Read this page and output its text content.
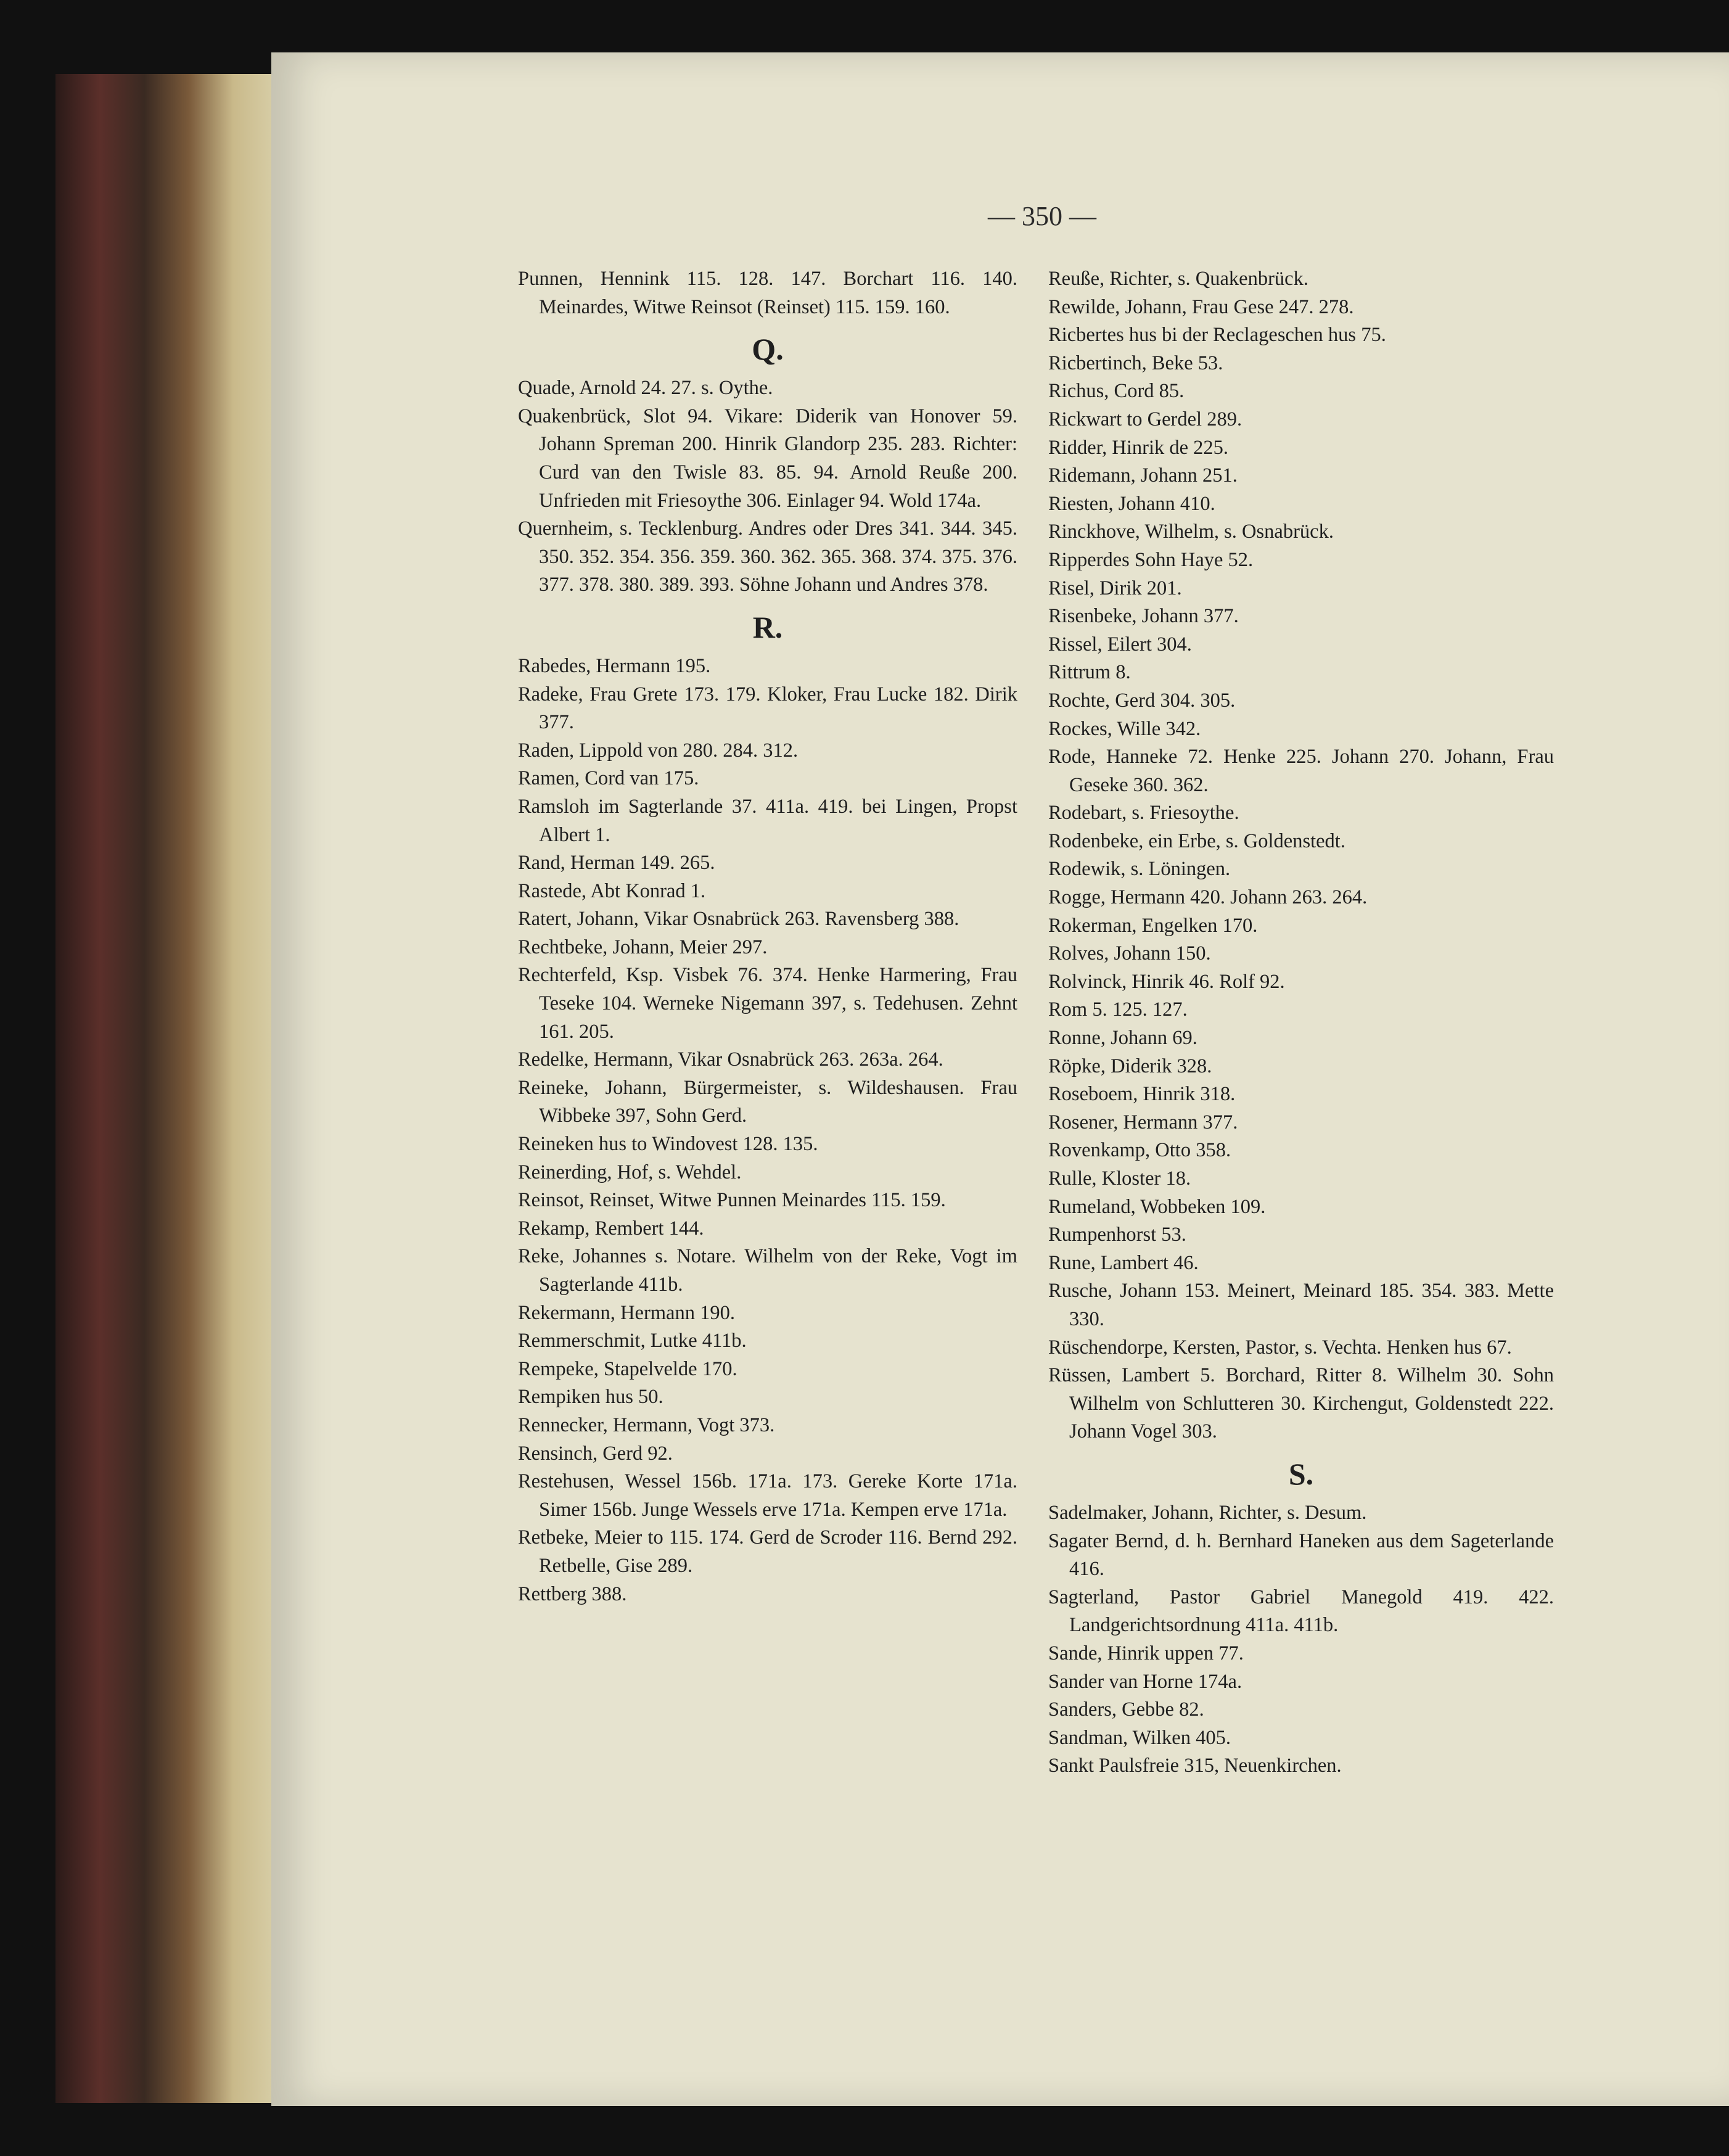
— 350 —

Punnen, Hennink 115. 128. 147. Borchart 116. 140. Meinardes, Witwe Reinsot (Reinset) 115. 159. 160.

Q.

Quade, Arnold 24. 27. s. Oythe.

Quakenbrück, Slot 94. Vikare: Diderik van Honover 59. Johann Spreman 200. Hinrik Glandorp 235. 283. Richter: Curd van den Twisle 83. 85. 94. Arnold Reuße 200. Unfrieden mit Friesoythe 306. Einlager 94. Wold 174a.

Quernheim, s. Tecklenburg. Andres oder Dres 341. 344. 345. 350. 352. 354. 356. 359. 360. 362. 365. 368. 374. 375. 376. 377. 378. 380. 389. 393. Söhne Johann und Andres 378.

R.

Rabedes, Hermann 195.

Radeke, Frau Grete 173. 179. Kloker, Frau Lucke 182. Dirik 377.

Raden, Lippold von 280. 284. 312.

Ramen, Cord van 175.

Ramsloh im Sagterlande 37. 411a. 419. bei Lingen, Propst Albert 1.

Rand, Herman 149. 265.

Rastede, Abt Konrad 1.

Ratert, Johann, Vikar Osnabrück 263. Ravensberg 388.

Rechtbeke, Johann, Meier 297.

Rechterfeld, Ksp. Visbek 76. 374. Henke Harmering, Frau Teseke 104. Werneke Nigemann 397, s. Tedehusen. Zehnt 161. 205.

Redelke, Hermann, Vikar Osnabrück 263. 263a. 264.

Reineke, Johann, Bürgermeister, s. Wildeshausen. Frau Wibbeke 397, Sohn Gerd.

Reineken hus to Windovest 128. 135.

Reinerding, Hof, s. Wehdel.

Reinsot, Reinset, Witwe Punnen Meinardes 115. 159.

Rekamp, Rembert 144.

Reke, Johannes s. Notare. Wilhelm von der Reke, Vogt im Sagterlande 411b.

Rekermann, Hermann 190.

Remmerschmit, Lutke 411b.

Rempeke, Stapelvelde 170.

Rempiken hus 50.

Rennecker, Hermann, Vogt 373.

Rensinch, Gerd 92.

Restehusen, Wessel 156b. 171a. 173. Gereke Korte 171a. Simer 156b. Junge Wessels erve 171a. Kempen erve 171a.

Retbeke, Meier to 115. 174. Gerd de Scroder 116. Bernd 292. Retbelle, Gise 289.

Rettberg 388.

Reuße, Richter, s. Quakenbrück.

Rewilde, Johann, Frau Gese 247. 278.

Ricbertes hus bi der Reclageschen hus 75.

Ricbertinch, Beke 53.

Richus, Cord 85.

Rickwart to Gerdel 289.

Ridder, Hinrik de 225.

Ridemann, Johann 251.

Riesten, Johann 410.

Rinckhove, Wilhelm, s. Osnabrück.

Ripperdes Sohn Haye 52.

Risel, Dirik 201.

Risenbeke, Johann 377.

Rissel, Eilert 304.

Rittrum 8.

Rochte, Gerd 304. 305.

Rockes, Wille 342.

Rode, Hanneke 72. Henke 225. Johann 270. Johann, Frau Geseke 360. 362.

Rodebart, s. Friesoythe.

Rodenbeke, ein Erbe, s. Goldenstedt.

Rodewik, s. Löningen.

Rogge, Hermann 420. Johann 263. 264.

Rokerman, Engelken 170.

Rolves, Johann 150.

Rolvinck, Hinrik 46. Rolf 92.

Rom 5. 125. 127.

Ronne, Johann 69.

Röpke, Diderik 328.

Roseboem, Hinrik 318.

Rosener, Hermann 377.

Rovenkamp, Otto 358.

Rulle, Kloster 18.

Rumeland, Wobbeken 109.

Rumpenhorst 53.

Rune, Lambert 46.

Rusche, Johann 153. Meinert, Meinard 185. 354. 383. Mette 330.

Rüschendorpe, Kersten, Pastor, s. Vechta. Henken hus 67.

Rüssen, Lambert 5. Borchard, Ritter 8. Wilhelm 30. Sohn Wilhelm von Schlutteren 30. Kirchengut, Goldenstedt 222. Johann Vogel 303.

S.

Sadelmaker, Johann, Richter, s. Desum.

Sagater Bernd, d. h. Bernhard Haneken aus dem Sageterlande 416.

Sagterland, Pastor Gabriel Manegold 419. 422. Landgerichtsordnung 411a. 411b.

Sande, Hinrik uppen 77.

Sander van Horne 174a.

Sanders, Gebbe 82.

Sandman, Wilken 405.

Sankt Paulsfreie 315, Neuenkirchen.
